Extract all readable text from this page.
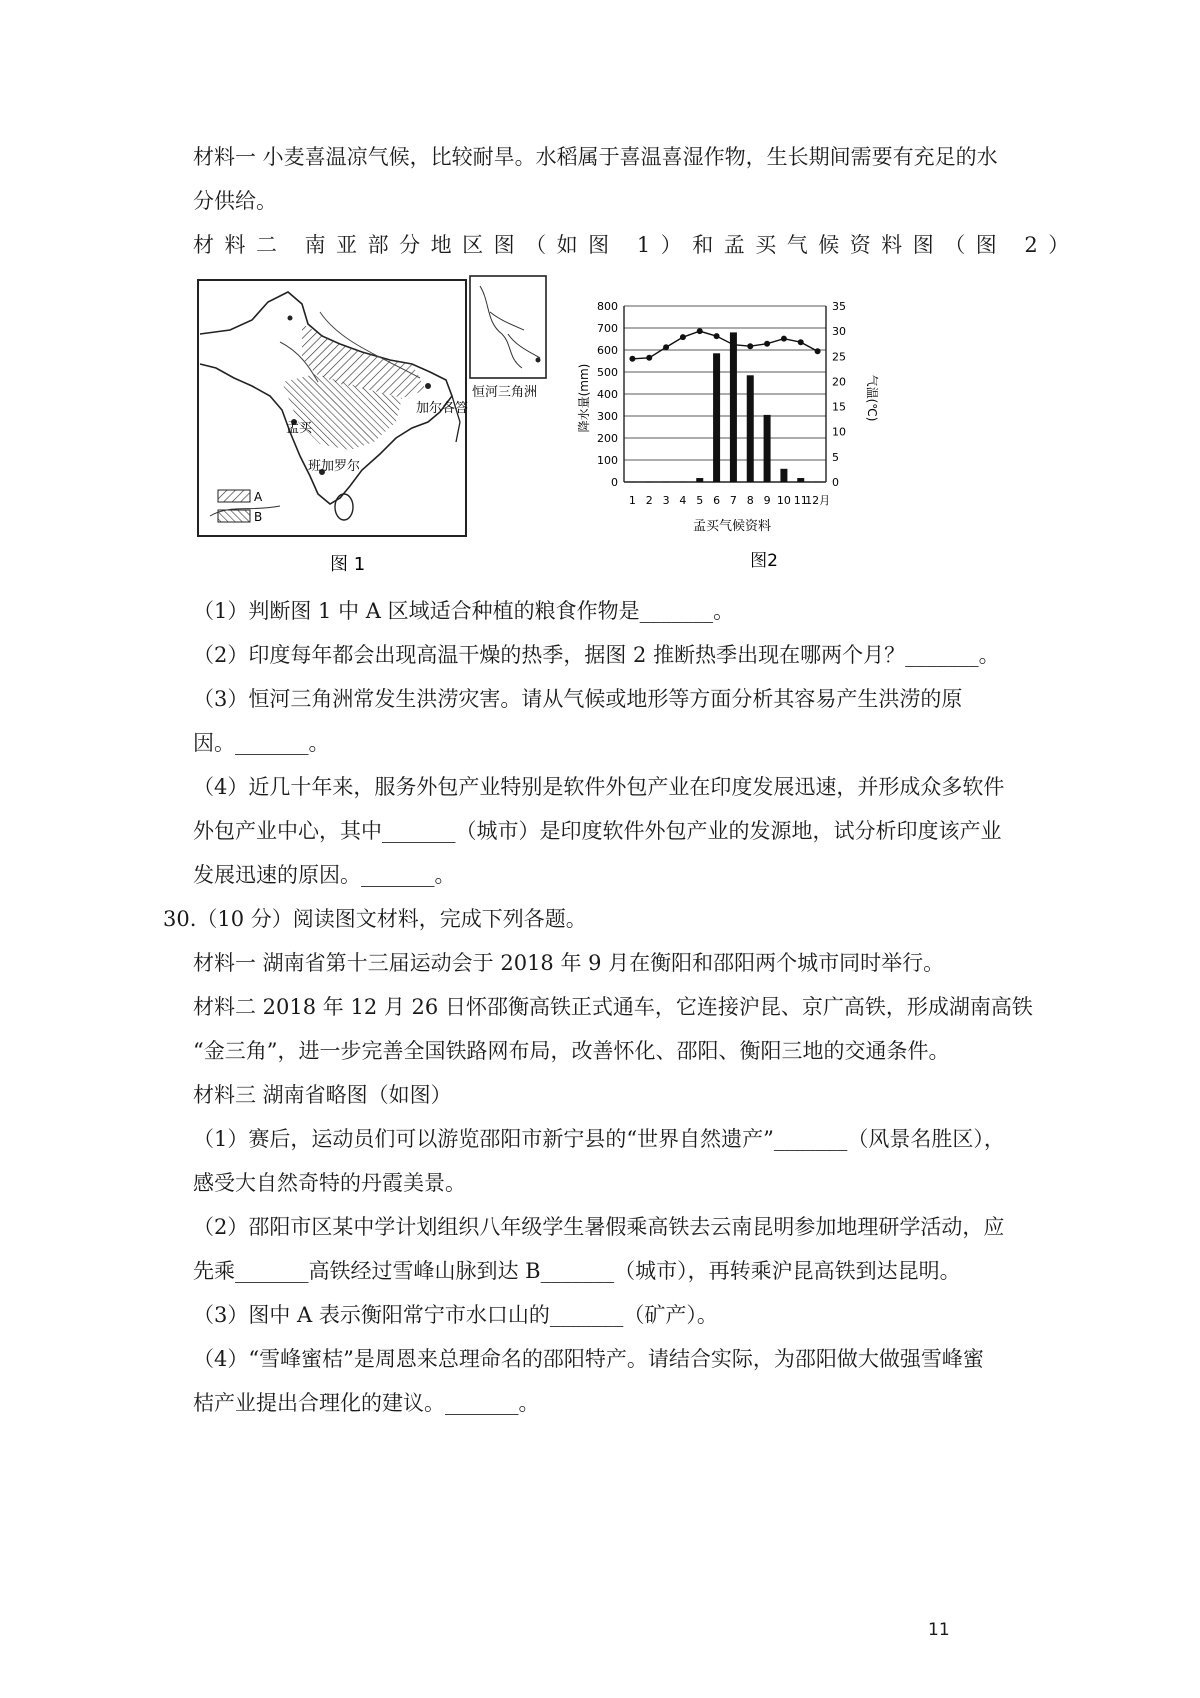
材料一 小麦喜温凉气候，比较耐旱。水稻属于喜温喜湿作物，生长期间需要有充足的水
分供给。
材料二 南亚部分地区图（如图 1）和孟买气候资料图（图 2）
加尔各答
孟买
班加罗尔
A
B
恒河三角洲
图 1
0
100
200
300
400
500
600
700
800
0
5
10
15
20
25
30
35
1 2 3 4 5 6 7 8 9 10 11
12月
孟买气候资料
图2
降水量(mm)	气温(℃)
（1）判断图 1 中 A 区域适合种植的粮食作物是_______。
（2）印度每年都会出现高温干燥的热季，据图 2 推断热季出现在哪两个月？_______。
（3）恒河三角洲常发生洪涝灾害。请从气候或地形等方面分析其容易产生洪涝的原
因。_______。
（4）近几十年来，服务外包产业特别是软件外包产业在印度发展迅速，并形成众多软件
外包产业中心，其中_______（城市）是印度软件外包产业的发源地，试分析印度该产业
发展迅速的原因。_______。
30.（10 分）阅读图文材料，完成下列各题。
材料一 湖南省第十三届运动会于 2018 年 9 月在衡阳和邵阳两个城市同时举行。
材料二 2018 年 12 月 26 日怀邵衡高铁正式通车，它连接沪昆、京广高铁，形成湖南高铁
“金三角”，进一步完善全国铁路网布局，改善怀化、邵阳、衡阳三地的交通条件。
材料三 湖南省略图（如图）
（1）赛后，运动员们可以游览邵阳市新宁县的“世界自然遗产”_______（风景名胜区），
感受大自然奇特的丹霞美景。
（2）邵阳市区某中学计划组织八年级学生暑假乘高铁去云南昆明参加地理研学活动，应
先乘_______高铁经过雪峰山脉到达 B_______（城市），再转乘沪昆高铁到达昆明。
（3）图中 A 表示衡阳常宁市水口山的_______（矿产）。
（4）“雪峰蜜桔”是周恩来总理命名的邵阳特产。请结合实际，为邵阳做大做强雪峰蜜
桔产业提出合理化的建议。_______。
11
